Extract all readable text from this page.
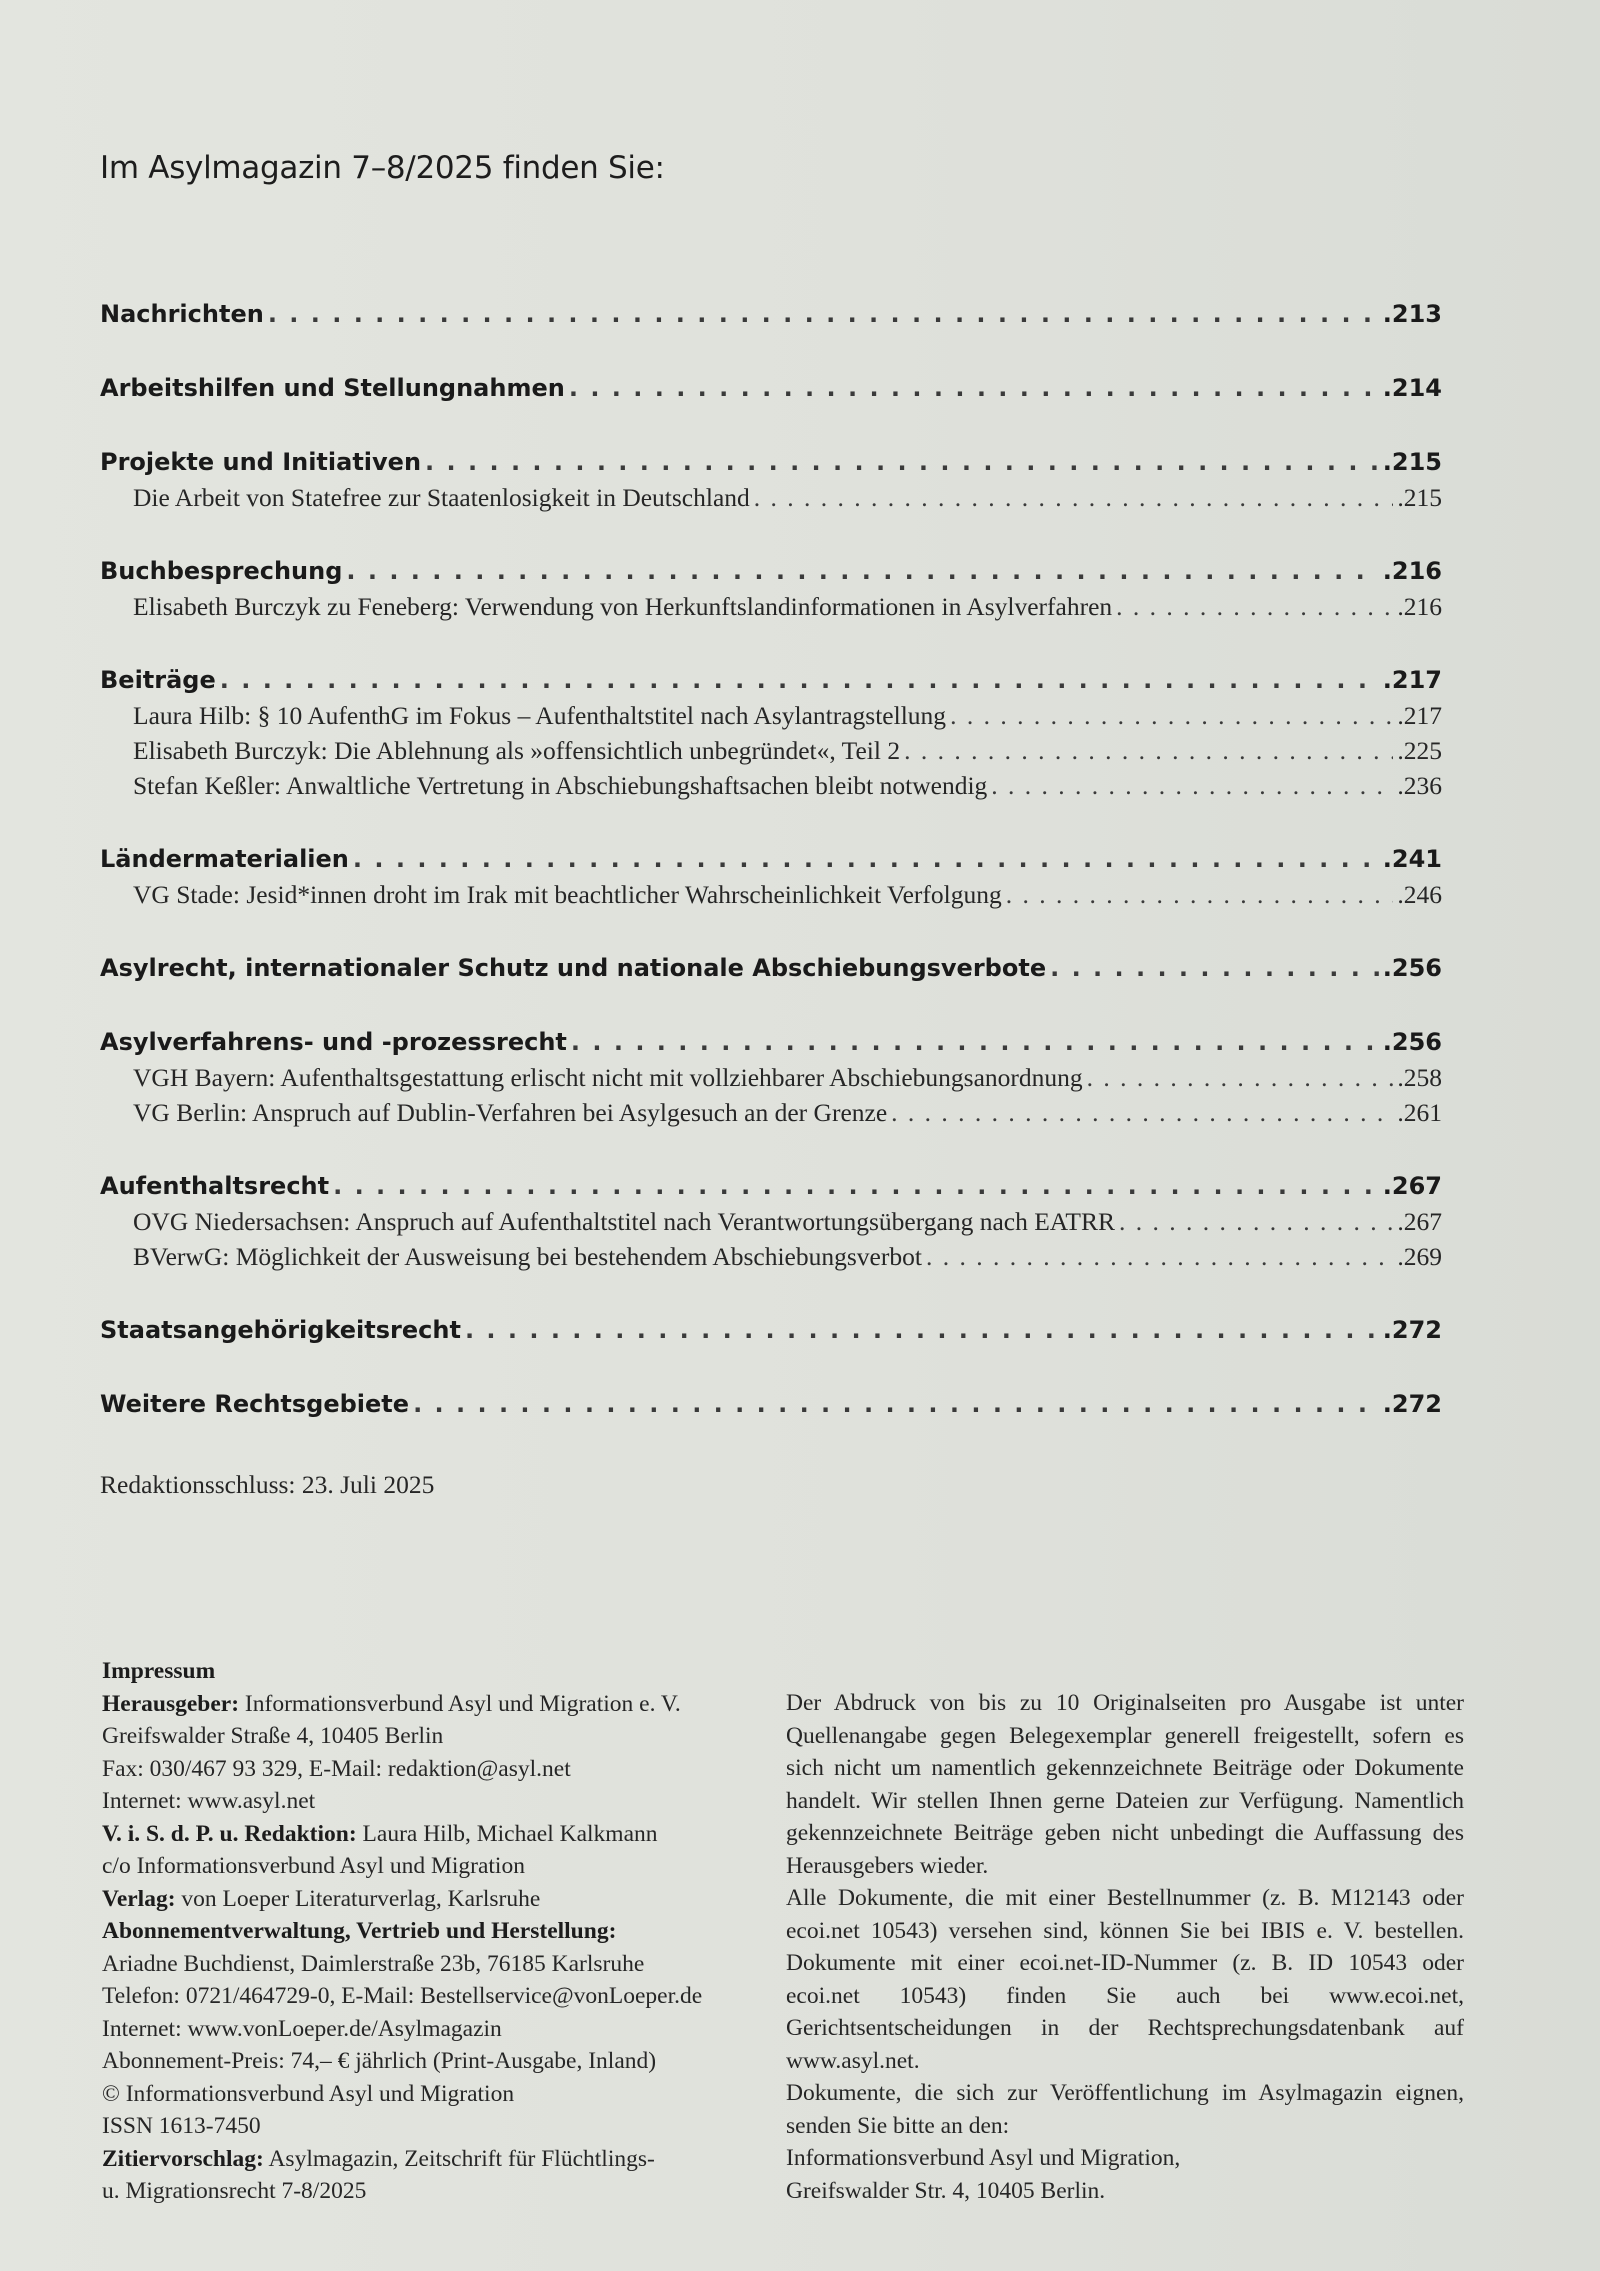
Im Asylmagazin 7–8/2025 finden Sie:
Nachrichten . . .	.213
Arbeitshilfen und Stellungnahmen . . .	.214
Projekte und Initiativen . . .	.215
Die Arbeit von Statefree zur Staatenlosigkeit in Deutschland . . .	.215
Buchbesprechung . . .	.216
Elisabeth Burczyk zu Feneberg: Verwendung von Herkunftslandinformationen in Asylverfahren . . .	.216
Beiträge . . .	.217
Laura Hilb: § 10 AufenthG im Fokus – Aufenthaltstitel nach Asylantragstellung . . .	.217
Elisabeth Burczyk: Die Ablehnung als »offensichtlich unbegründet«, Teil 2 . . .	.225
Stefan Keßler: Anwaltliche Vertretung in Abschiebungshaftsachen bleibt notwendig . . .	.236
Ländermaterialien . . .	.241
VG Stade: Jesid*innen droht im Irak mit beachtlicher Wahrscheinlichkeit Verfolgung . . .	.246
Asylrecht, internationaler Schutz und nationale Abschiebungsverbote . . .	.256
Asylverfahrens- und -prozessrecht . . .	.256
VGH Bayern: Aufenthaltsgestattung erlischt nicht mit vollziehbarer Abschiebungsanordnung . . .	.258
VG Berlin: Anspruch auf Dublin-Verfahren bei Asylgesuch an der Grenze . . .	.261
Aufenthaltsrecht . . .	.267
OVG Niedersachsen: Anspruch auf Aufenthaltstitel nach Verantwortungsübergang nach EATRR . . .	.267
BVerwG: Möglichkeit der Ausweisung bei bestehendem Abschiebungsverbot . . .	.269
Staatsangehörigkeitsrecht . . .	.272
Weitere Rechtsgebiete . . .	.272
Redaktionsschluss: 23. Juli 2025
Impressum
Herausgeber: Informationsverbund Asyl und Migration e. V.
Greifswalder Straße 4, 10405 Berlin
Fax: 030/467 93 329, E-Mail: redaktion@asyl.net
Internet: www.asyl.net
V. i. S. d. P. u. Redaktion: Laura Hilb, Michael Kalkmann
c/o Informationsverbund Asyl und Migration
Verlag: von Loeper Literaturverlag, Karlsruhe
Abonnementverwaltung, Vertrieb und Herstellung:
Ariadne Buchdienst, Daimlerstraße 23b, 76185 Karlsruhe
Telefon: 0721/464729-0, E-Mail: Bestellservice@vonLoeper.de
Internet: www.vonLoeper.de/Asylmagazin
Abonnement-Preis: 74,– € jährlich (Print-Ausgabe, Inland)
© Informationsverbund Asyl und Migration
ISSN 1613-7450
Zitiervorschlag: Asylmagazin, Zeitschrift für Flüchtlings-
u. Migrationsrecht 7-8/2025

Der Abdruck von bis zu 10 Originalseiten pro Ausgabe ist unter Quellenangabe gegen Belegexemplar generell freigestellt, sofern es sich nicht um namentlich gekennzeichnete Beiträge oder Dokumente handelt. Wir stellen Ihnen gerne Dateien zur Verfügung. Namentlich gekennzeichnete Beiträge geben nicht unbedingt die Auffassung des Herausgebers wieder.

Alle Dokumente, die mit einer Bestellnummer (z. B. M12143 oder ecoi.net 10543) versehen sind, können Sie bei IBIS e. V. bestellen. Dokumente mit einer ecoi.net-ID-Nummer (z. B. ID 10543 oder ecoi.net 10543) finden Sie auch bei www.ecoi.net, Gerichtsentscheidungen in der Rechtsprechungsdatenbank auf www.asyl.net.

Dokumente, die sich zur Veröffentlichung im Asylmagazin eignen, senden Sie bitte an den:

Informationsverbund Asyl und Migration,

Greifswalder Str. 4, 10405 Berlin.
